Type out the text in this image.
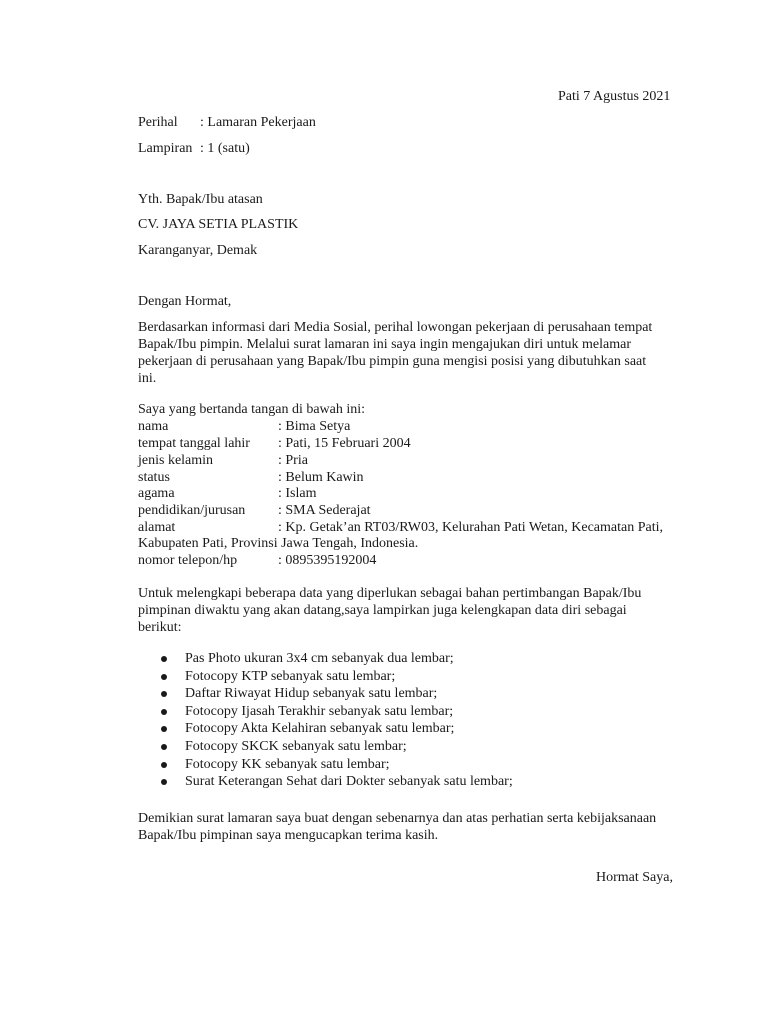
Pati 7 Agustus 2021
Perihal : Lamaran Pekerjaan
Lampiran : 1 (satu)
Yth. Bapak/Ibu atasan
CV. JAYA SETIA PLASTIK
Karanganyar, Demak
Dengan Hormat,
Berdasarkan informasi dari Media Sosial, perihal lowongan pekerjaan di perusahaan tempat
Bapak/Ibu pimpin. Melalui surat lamaran ini saya ingin mengajukan diri untuk melamar
pekerjaan di perusahaan yang Bapak/Ibu pimpin guna mengisi posisi yang dibutuhkan saat
ini.
Saya yang bertanda tangan di bawah ini:
nama	: Bima Setya
tempat tanggal lahir : Pati, 15 Februari 2004
jenis kelamin	: Pria
status	: Belum Kawin
agama	: Islam
pendidikan/jurusan : SMA Sederajat
alamat	: Kp. Getak’an RT03/RW03, Kelurahan Pati Wetan, Kecamatan Pati,
Kabupaten Pati, Provinsi Jawa Tengah, Indonesia.
nomor telepon/hp	: 0895395192004
Untuk melengkapi beberapa data yang diperlukan sebagai bahan pertimbangan Bapak/Ibu
pimpinan diwaktu yang akan datang,saya lampirkan juga kelengkapan data diri sebagai
berikut:
Pas Photo ukuran 3x4 cm sebanyak dua lembar;
Fotocopy KTP sebanyak satu lembar;
Daftar Riwayat Hidup sebanyak satu lembar;
Fotocopy Ijasah Terakhir sebanyak satu lembar;
Fotocopy Akta Kelahiran sebanyak satu lembar;
Fotocopy SKCK sebanyak satu lembar;
Fotocopy KK sebanyak satu lembar;
Surat Keterangan Sehat dari Dokter sebanyak satu lembar;
Demikian surat lamaran saya buat dengan sebenarnya dan atas perhatian serta kebijaksanaan
Bapak/Ibu pimpinan saya mengucapkan terima kasih.
Hormat Saya,
